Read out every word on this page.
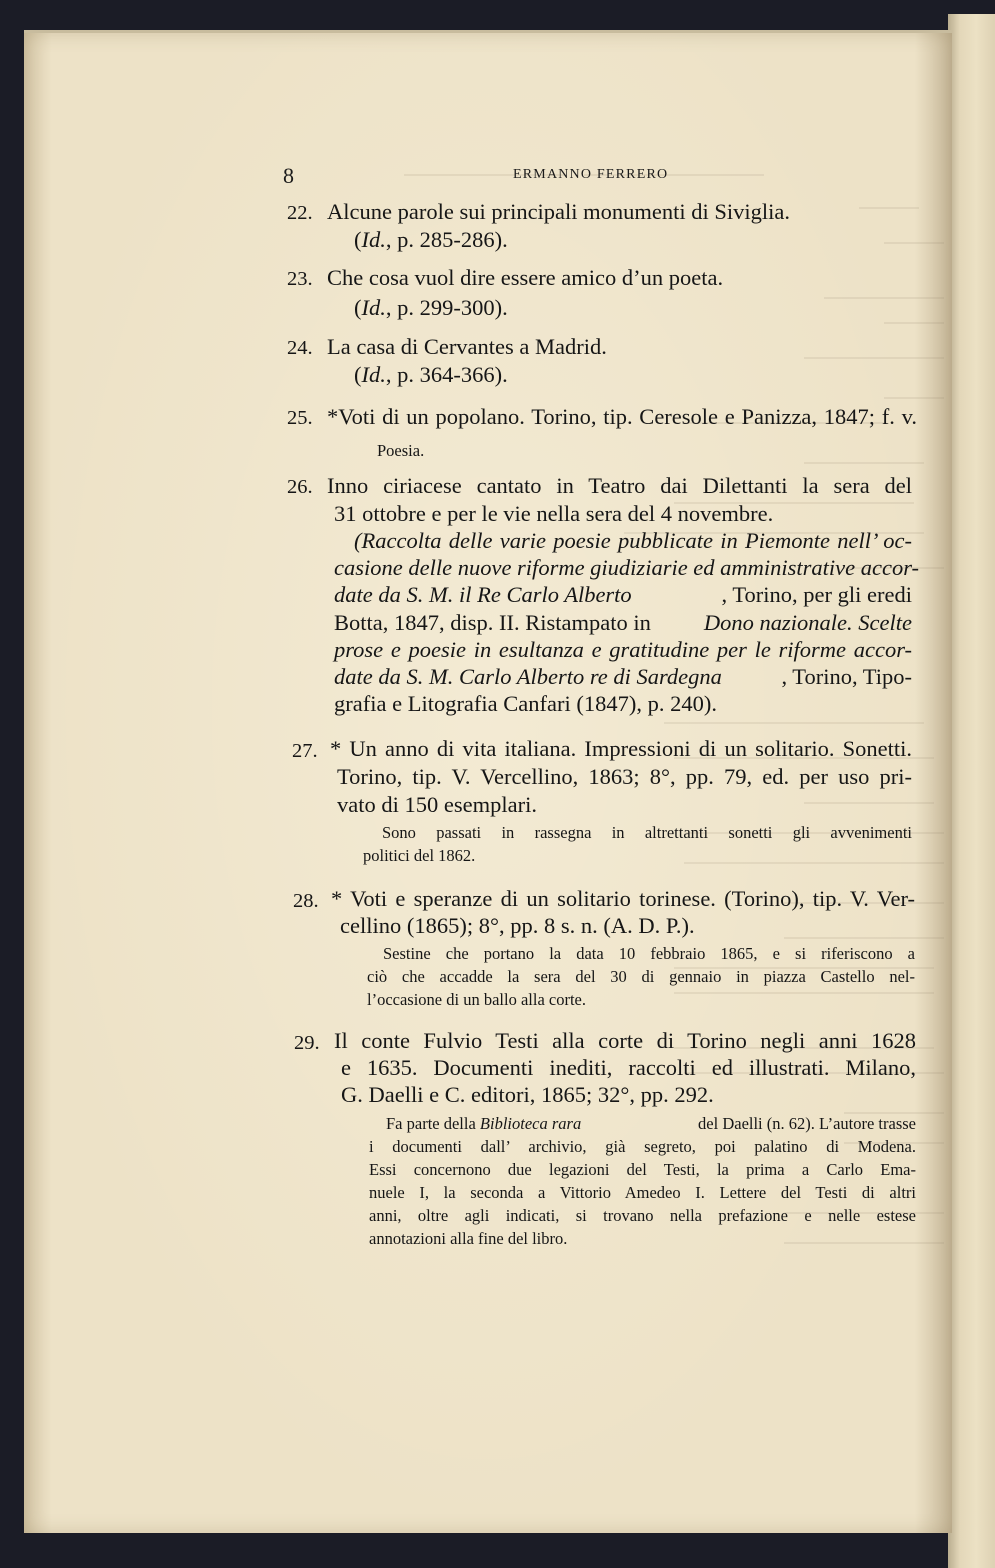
8	ERMANNO FERRERO
22. Alcune parole sui principali monumenti di Siviglia.
(Id., p. 285-286).
23. Che cosa vuol dire essere amico d’un poeta.
(Id., p. 299-300).
24. La casa di Cervantes a Madrid.
(Id., p. 364-366).
25. *Voti di un popolano. Torino, tip. Ceresole e Panizza, 1847; f. v.
Poesia.
26. Inno ciriacese cantato in Teatro dai Dilettanti la sera del
31 ottobre e per le vie nella sera del 4 novembre.
(Raccolta delle varie poesie pubblicate in Piemonte nell’ oc-
casione delle nuove riforme giudiziarie ed amministrative accor-
date da S. M. il Re Carlo Alberto	, Torino, per gli eredi
Botta, 1847, disp. II. Ristampato in Dono nazionale. Scelte
prose e poesie in esultanza e gratitudine per le riforme accor-
date da S. M. Carlo Alberto re di Sardegna	, Torino, Tipo-
grafia e Litografia Canfari (1847), p. 240).
27. * Un anno di vita italiana. Impressioni di un solitario. Sonetti.
Torino, tip. V. Vercellino, 1863; 8°, pp. 79, ed. per uso pri-
vato di 150 esemplari.
Sono passati in rassegna in altrettanti sonetti gli avvenimenti
politici del 1862.
28. * Voti e speranze di un solitario torinese. (Torino), tip. V. Ver-
cellino (1865); 8°, pp. 8 s. n. (A. D. P.).
Sestine che portano la data 10 febbraio 1865, e si riferiscono a
ciò che accadde la sera del 30 di gennaio in piazza Castello nel-
l’occasione di un ballo alla corte.
29. Il conte Fulvio Testi alla corte di Torino negli anni 1628
e 1635. Documenti inediti, raccolti ed illustrati. Milano,
G. Daelli e C. editori, 1865; 32°, pp. 292.
Fa parte della Biblioteca rara	del Daelli (n. 62). L’autore trasse
i documenti dall’ archivio, già segreto, poi palatino di Modena.
Essi concernono due legazioni del Testi, la prima a Carlo Ema-
nuele I, la seconda a Vittorio Amedeo I. Lettere del Testi di altri
anni, oltre agli indicati, si trovano nella prefazione e nelle estese
annotazioni alla fine del libro.
